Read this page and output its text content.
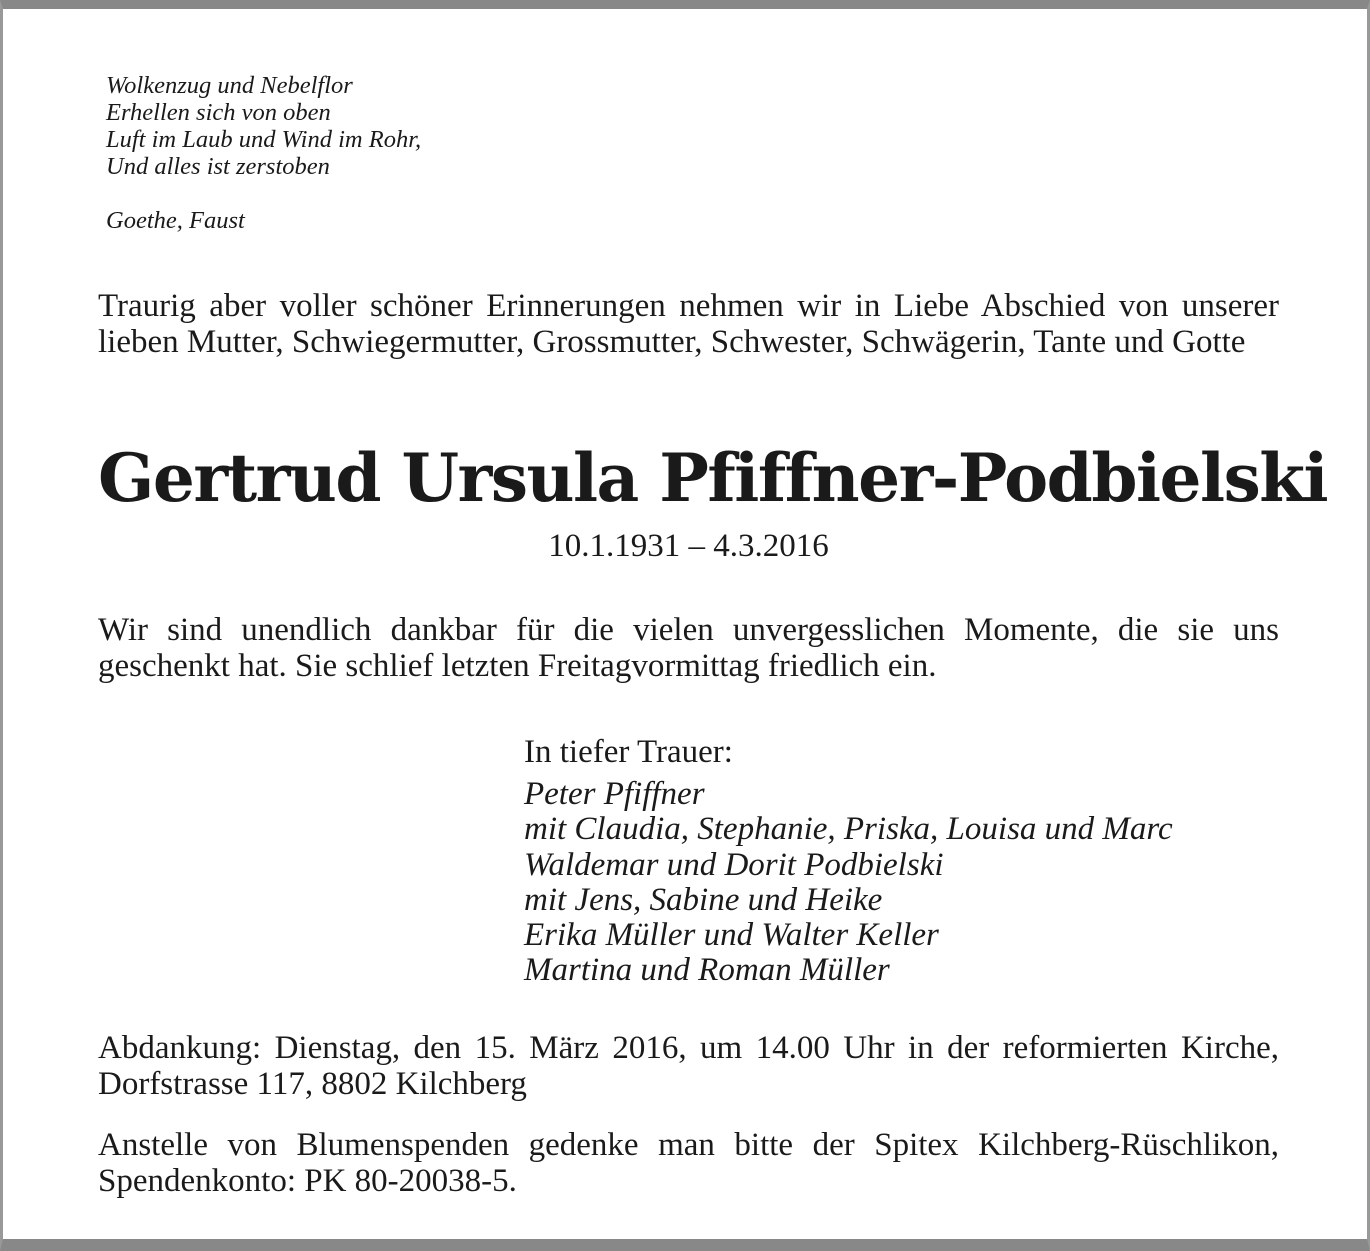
Wolkenzug und Nebelflor
Erhellen sich von oben
Luft im Laub und Wind im Rohr,
Und alles ist zerstoben

Goethe, Faust

Traurig aber voller schöner Erinnerungen nehmen wir in Liebe Abschied von unserer lieben Mutter, Schwiegermutter, Grossmutter, Schwester, Schwägerin, Tante und Gotte

Gertrud Ursula Pfiffner-Podbielski

10.1.1931 – 4.3.2016

Wir sind unendlich dankbar für die vielen unvergesslichen Momente, die sie uns geschenkt hat. Sie schlief letzten Freitagvormittag friedlich ein.

In tiefer Trauer:

Peter Pfiffner
mit Claudia, Stephanie, Priska, Louisa und Marc
Waldemar und Dorit Podbielski
mit Jens, Sabine und Heike
Erika Müller und Walter Keller
Martina und Roman Müller

Abdankung: Dienstag, den 15. März 2016, um 14.00 Uhr in der reformierten Kirche, Dorfstrasse 117, 8802 Kilchberg

Anstelle von Blumenspenden gedenke man bitte der Spitex Kilchberg-Rüschlikon, Spendenkonto: PK 80-20038-5.
